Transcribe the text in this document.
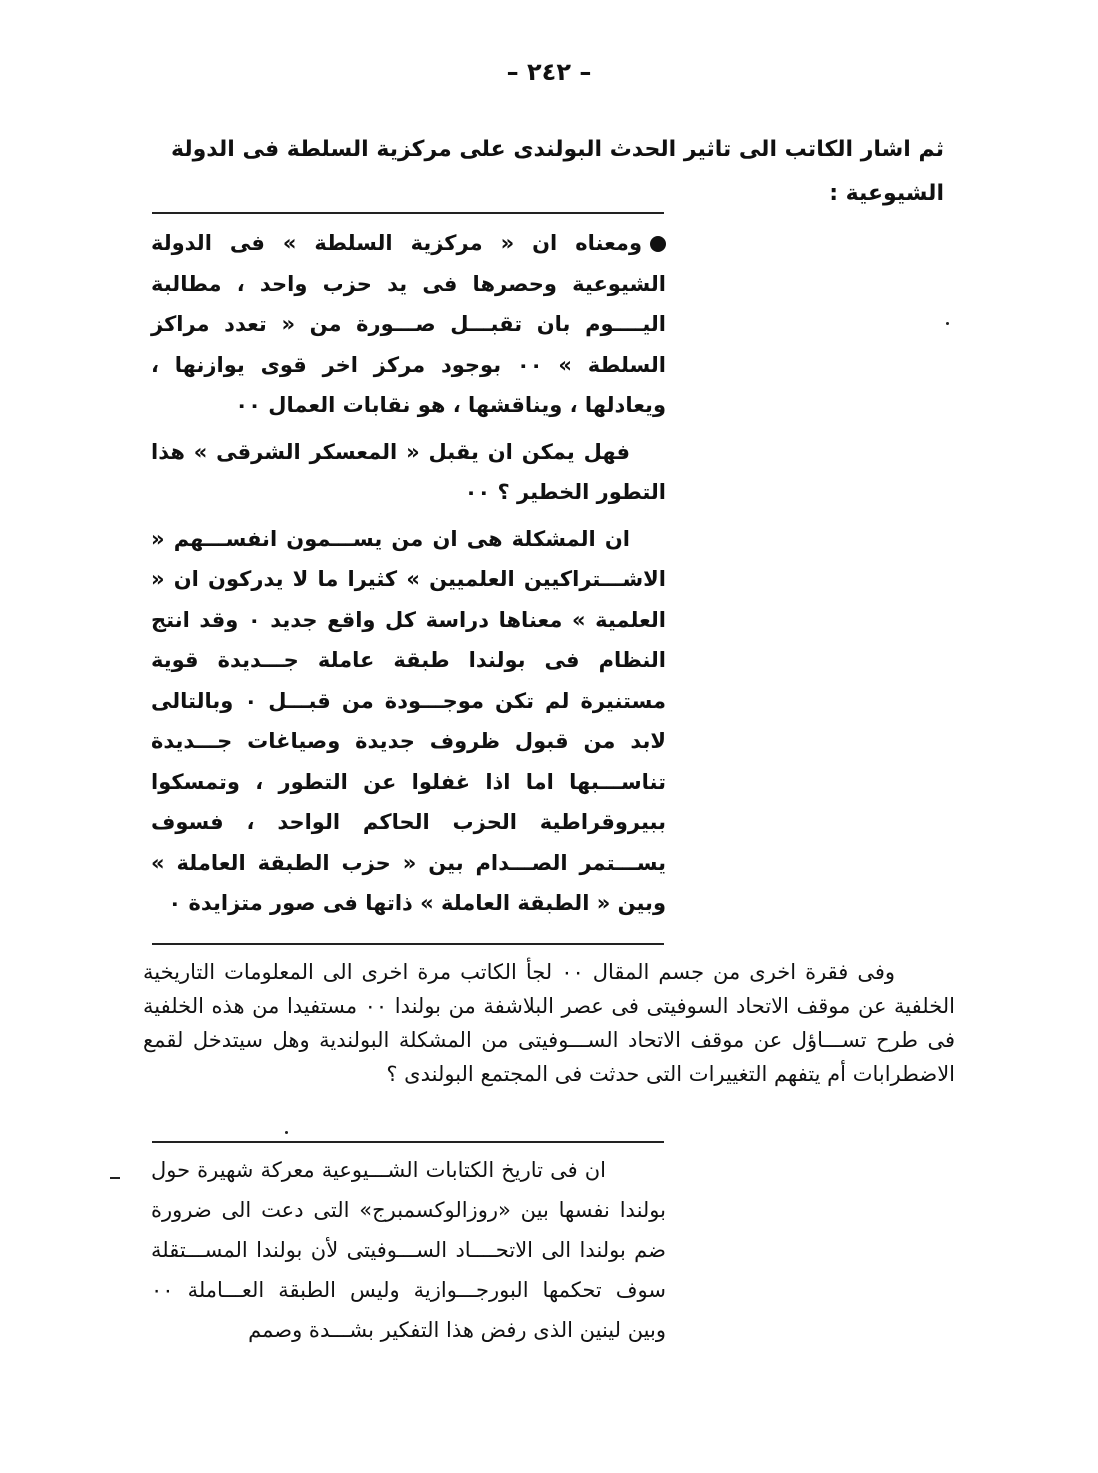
– ٢٤٢ –
ثم اشار الكاتب الى تاثير الحدث البولندى على مركزية السلطة فى الدولة الشيوعية :

ومعناه ان « مركزية السلطة » فى الدولة الشيوعية وحصرها فى يد حزب واحد ، مطالبة اليــــوم بان تقبـــل صـــورة من « تعدد مراكز السلطة » ٠٠ بوجود مركز اخر قوى يوازنها ، ويعادلها ، ويناقشها ، هو نقابات العمال ٠٠

فهل يمكن ان يقبل « المعسكر الشرقى » هذا التطور الخطير ؟ ٠٠

ان المشكلة هى ان من يســـمون انفســـهم « الاشـــتراكيين العلميين » كثيرا ما لا يدركون ان « العلمية » معناها دراسة كل واقع جديد ٠ وقد انتج النظام فى بولندا طبقة عاملة جـــديدة قوية مستنيرة لم تكن موجـــودة من قبـــل ٠ وبالتالى لابد من قبول ظروف جديدة وصياغات جـــديدة تناســـبها اما اذا غفلوا عن التطور ، وتمسكوا ببيروقراطية الحزب الحاكم الواحد ، فسوف يســـتمر الصـــدام بين « حزب الطبقة العاملة » وبين « الطبقة العاملة » ذاتها فى صور متزايدة ٠

وفى فقرة اخرى من جسم المقال ٠٠ لجأ الكاتب مرة اخرى الى المعلومات التاريخية الخلفية عن موقف الاتحاد السوفيتى فى عصر البلاشفة من بولندا ٠٠ مستفيدا من هذه الخلفية فى طرح تســـاؤل عن موقف الاتحاد الســـوفيتى من المشكلة البولندية وهل سيتدخل لقمع الاضطرابات أم يتفهم التغييرات التى حدثت فى المجتمع البولندى ؟

ان فى تاريخ الكتابات الشـــيوعية معركة شهيرة حول بولندا نفسها بين «روزالوكسمبرج» التى دعت الى ضرورة ضم بولندا الى الاتحــــاد الســـوفيتى لأن بولندا المســـتقلة سوف تحكمها البورجـــوازية وليس الطبقة العـــاملة ٠٠ وبين لينين الذى رفض هذا التفكير بشـــدة وصمم
